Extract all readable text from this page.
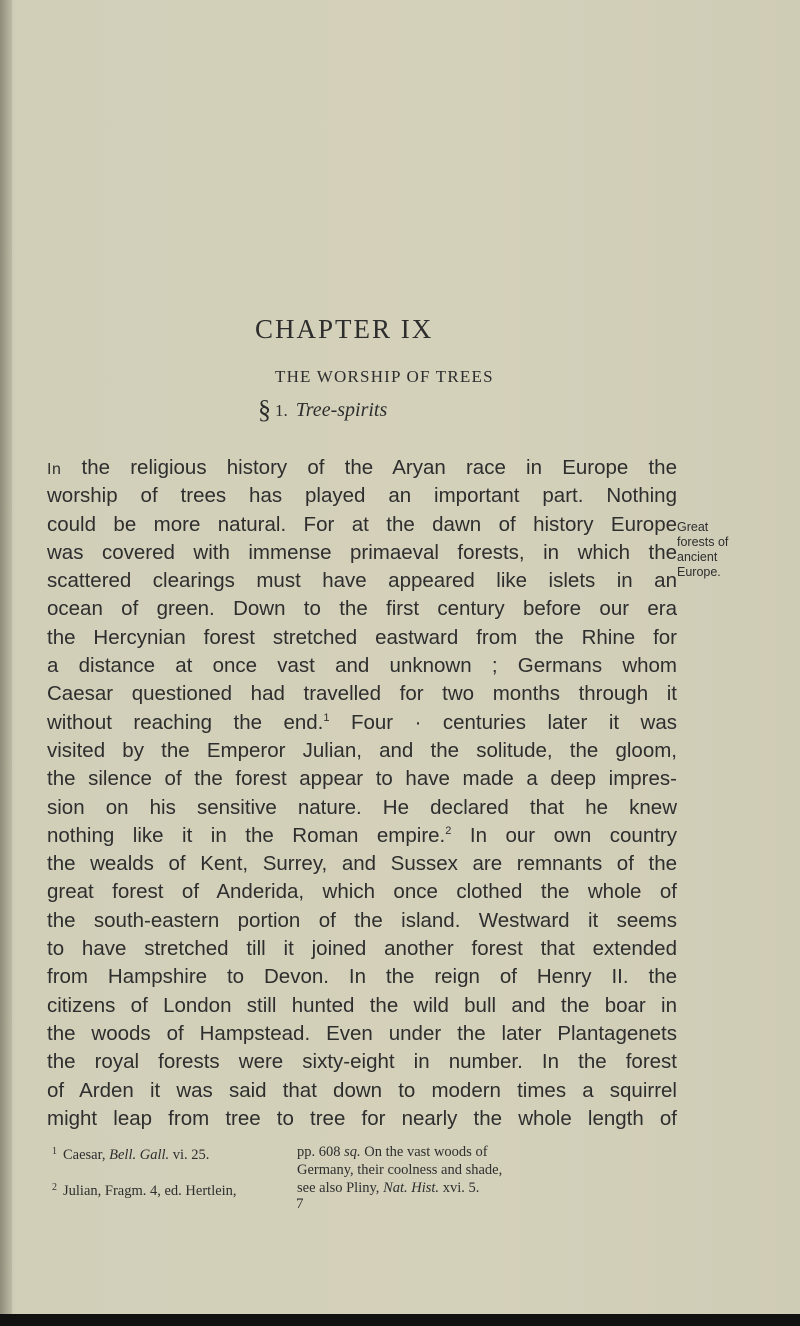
CHAPTER IX
THE WORSHIP OF TREES
§ 1. Tree-spirits
In the religious history of the Aryan race in Europe the
worship of trees has played an important part. Nothing
could be more natural. For at the dawn of history Europe
was covered with immense primaeval forests, in which the
scattered clearings must have appeared like islets in an
ocean of green. Down to the first century before our era
the Hercynian forest stretched eastward from the Rhine for
a distance at once vast and unknown ; Germans whom
Caesar questioned had travelled for two months through it
without reaching the end.$^1$ Four · centuries later it was
visited by the Emperor Julian, and the solitude, the gloom,
the silence of the forest appear to have made a deep impres-
sion on his sensitive nature. He declared that he knew
nothing like it in the Roman empire.$^2$ In our own country
the wealds of Kent, Surrey, and Sussex are remnants of the
great forest of Anderida, which once clothed the whole of
the south-eastern portion of the island. Westward it seems
to have stretched till it joined another forest that extended
from Hampshire to Devon. In the reign of Henry II. the
citizens of London still hunted the wild bull and the boar in
the woods of Hampstead. Even under the later Plantagenets
the royal forests were sixty-eight in number. In the forest
of Arden it was said that down to modern times a squirrel
might leap from tree to tree for nearly the whole length of
Great
forests of
ancient
Europe.
$^1$ Caesar, Bell. Gall. vi. 25.
$^2$ Julian, Fragm. 4, ed. Hertlein,
pp. 608 sq. On the vast woods of
Germany, their coolness and shade,
see also Pliny, Nat. Hist. xvi. 5.
7
